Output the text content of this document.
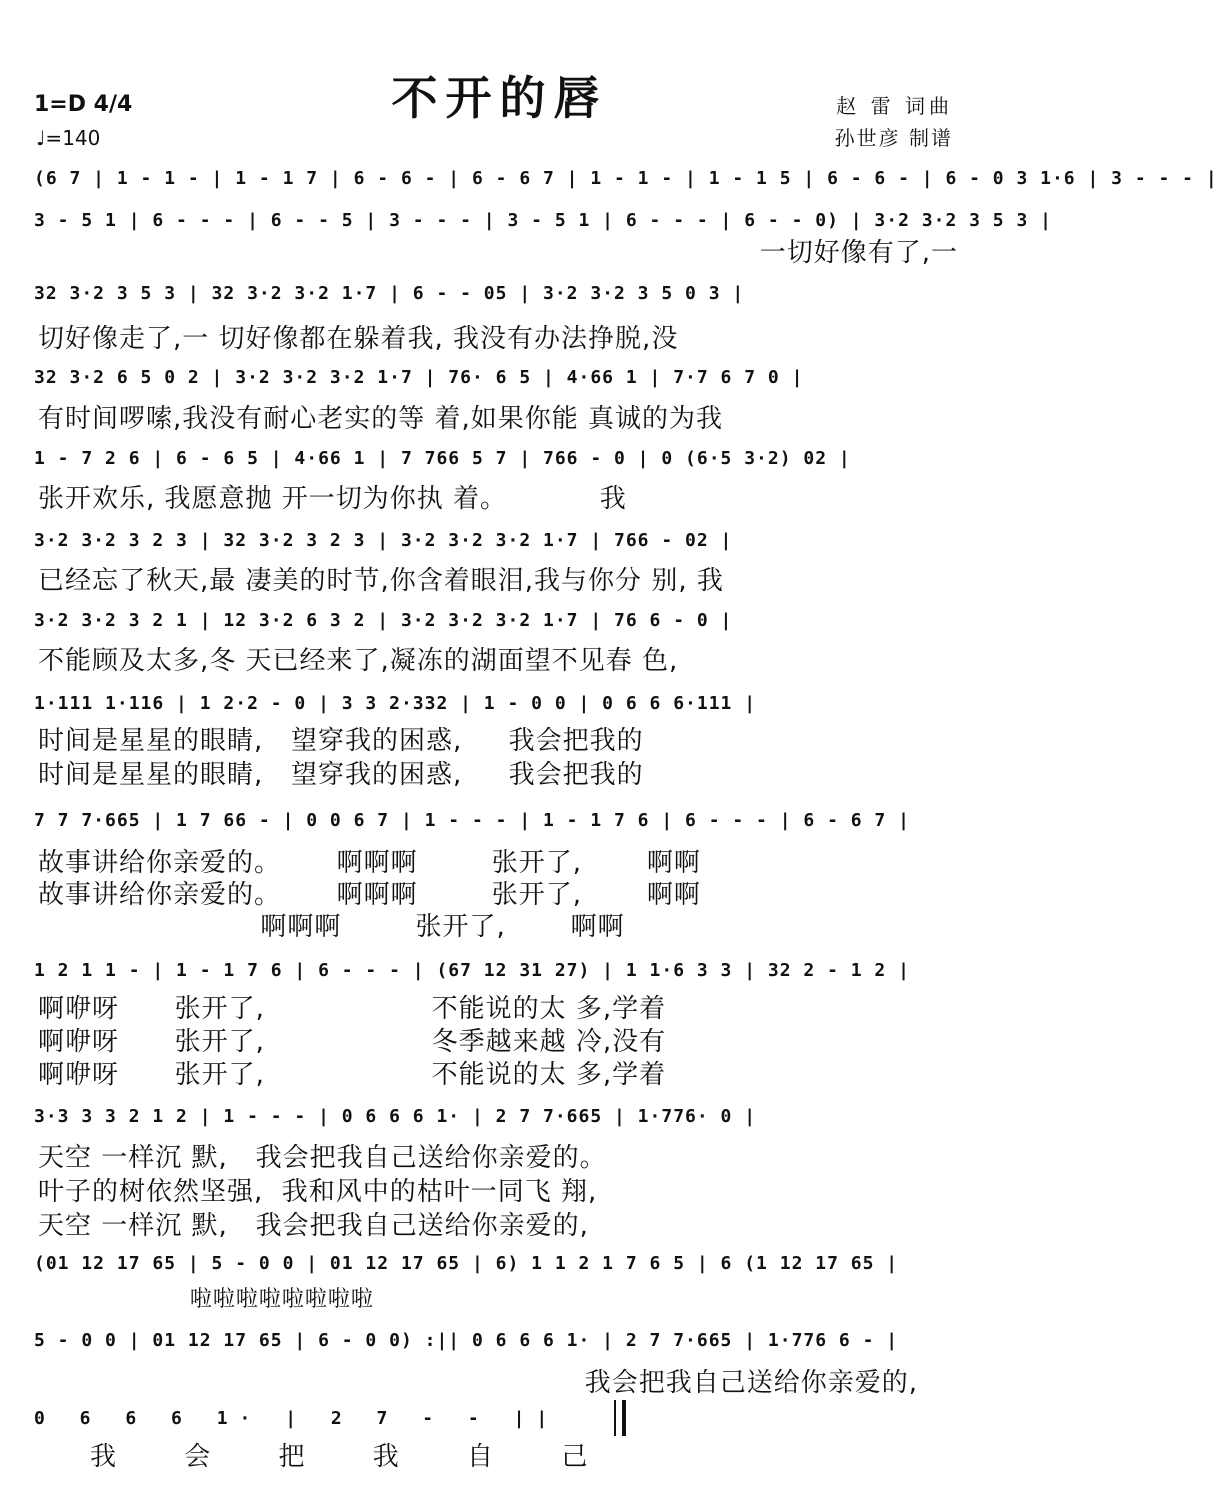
不开的唇
1=D 4/4
♩=140
赵 雷 词曲
孙世彦 制谱
(6 7 | 1 - 1 - | 1 - 1 7 | 6 - 6 - | 6 - 6 7 | 1 - 1 - | 1 - 1 5 | 6 - 6 - | 6 - 0 3 1·6 | 3 - - - |
3 - 5 1 | 6 - - - | 6 - - 5 | 3 - - - | 3 - 5 1 | 6 - - - | 6 - - 0) | 3·2 3·2 3 5 3 |
一切好像有了,一
32 3·2 3 5 3 | 32 3·2 3·2 1·7 | 6 - - 05 | 3·2 3·2 3 5 0 3 |
切好像走了,一 切好像都在躲着我, 我没有办法挣脱,没
32 3·2 6 5 0 2 | 3·2 3·2 3·2 1·7 | 76· 6 5 | 4·66 1 | 7·7 6 7 0 |
有时间啰嗦,我没有耐心老实的等 着,如果你能 真诚的为我
1 - 7 2 6 | 6 - 6 5 | 4·66 1 | 7 766 5 7 | 766 - 0 | 0 (6·5 3·2) 02 |
张开欢乐, 我愿意抛 开一切为你执 着。          我
3·2 3·2 3 2 3 | 32 3·2 3 2 3 | 3·2 3·2 3·2 1·7 | 766 - 02 |
已经忘了秋天,最 凄美的时节,你含着眼泪,我与你分 别, 我
3·2 3·2 3 2 1 | 12 3·2 6 3 2 | 3·2 3·2 3·2 1·7 | 76 6 - 0 |
不能顾及太多,冬 天已经来了,凝冻的湖面望不见春 色,
1·111 1·116 | 1 2·2 - 0 | 3 3 2·332 | 1 - 0 0 | 0 6 6 6·111 |
时间是星星的眼睛,   望穿我的困惑,     我会把我的
时间是星星的眼睛,   望穿我的困惑,     我会把我的
7 7 7·665 | 1 7 66 - | 0 0 6 7 | 1 - - - | 1 - 1 7 6 | 6 - - - | 6 - 6 7 |
故事讲给你亲爱的。      啊啊啊        张开了,       啊啊
故事讲给你亲爱的。      啊啊啊        张开了,       啊啊
啊啊啊        张开了,       啊啊
1 2 1 1 - | 1 - 1 7 6 | 6 - - - | (67 12 31 27) | 1 1·6 3 3 | 32 2 - 1 2 |
啊咿呀      张开了,                  不能说的太 多,学着
啊咿呀      张开了,                  冬季越来越 冷,没有
啊咿呀      张开了,                  不能说的太 多,学着
3·3 3 3 2 1 2 | 1 - - - | 0 6 6 6 1· | 2 7 7·665 | 1·776· 0 |
天空 一样沉 默,   我会把我自己送给你亲爱的。
叶子的树依然坚强,  我和风中的枯叶一同飞 翔,
天空 一样沉 默,   我会把我自己送给你亲爱的,
(01 12 17 65 | 5 - 0 0 | 01 12 17 65 | 6) 1 1 2 1 7 6 5 | 6 (1 12 17 65 |
啦啦啦啦啦啦啦啦
5 - 0 0 | 01 12 17 65 | 6 - 0 0) :|| 0 6 6 6 1· | 2 7 7·665 | 1·776 6 - |
我会把我自己送给你亲爱的,
0 6 6 6 1· | 2 7 - - ||
我 会 把 我 自 己
